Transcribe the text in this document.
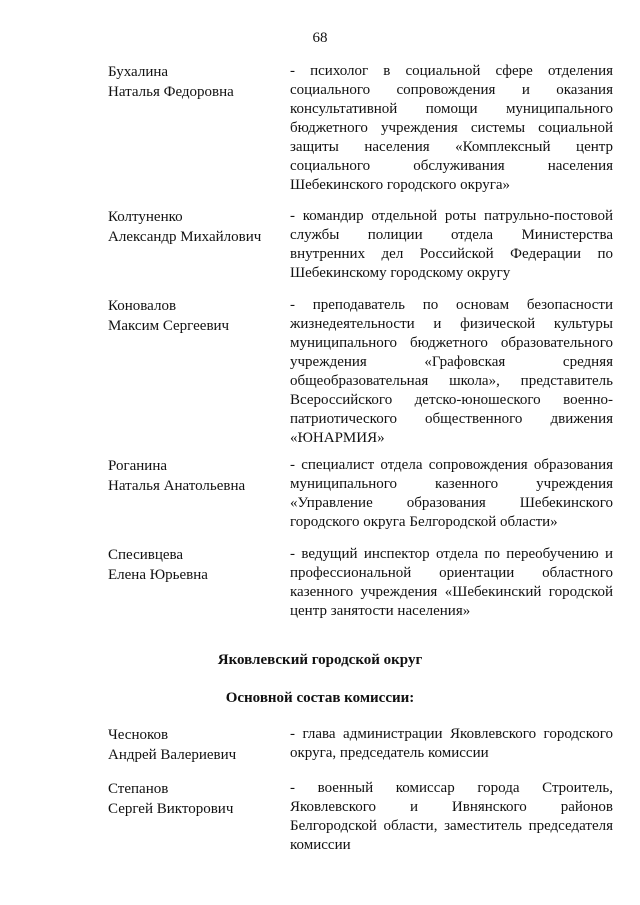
68
Бухалина
Наталья Федоровна
- психолог в социальной сфере отделения социального сопровождения и оказания консультативной помощи муниципального бюджетного учреждения системы социальной защиты населения «Комплексный центр социального обслуживания населения Шебекинского городского округа»
Колтуненко
Александр Михайлович
- командир отдельной роты патрульно-постовой службы полиции отдела Министерства внутренних дел Российской Федерации по Шебекинскому городскому округу
Коновалов
Максим Сергеевич
- преподаватель по основам безопасности жизнедеятельности и физической культуры муниципального бюджетного образовательного учреждения «Графовская средняя общеобразовательная школа», представитель Всероссийского детско-юношеского военно-патриотического общественного движения «ЮНАРМИЯ»
Роганина
Наталья Анатольевна
- специалист отдела сопровождения образования муниципального казенного учреждения «Управление образования Шебекинского городского округа Белгородской области»
Спесивцева
Елена Юрьевна
- ведущий инспектор отдела по переобучению и профессиональной ориентации областного казенного учреждения «Шебекинский городской центр занятости населения»
Яковлевский городской округ
Основной состав комиссии:
Чесноков
Андрей Валериевич
- глава администрации Яковлевского городского округа, председатель комиссии
Степанов
Сергей Викторович
- военный комиссар города Строитель, Яковлевского и Ивнянского районов Белгородской области, заместитель председателя комиссии
